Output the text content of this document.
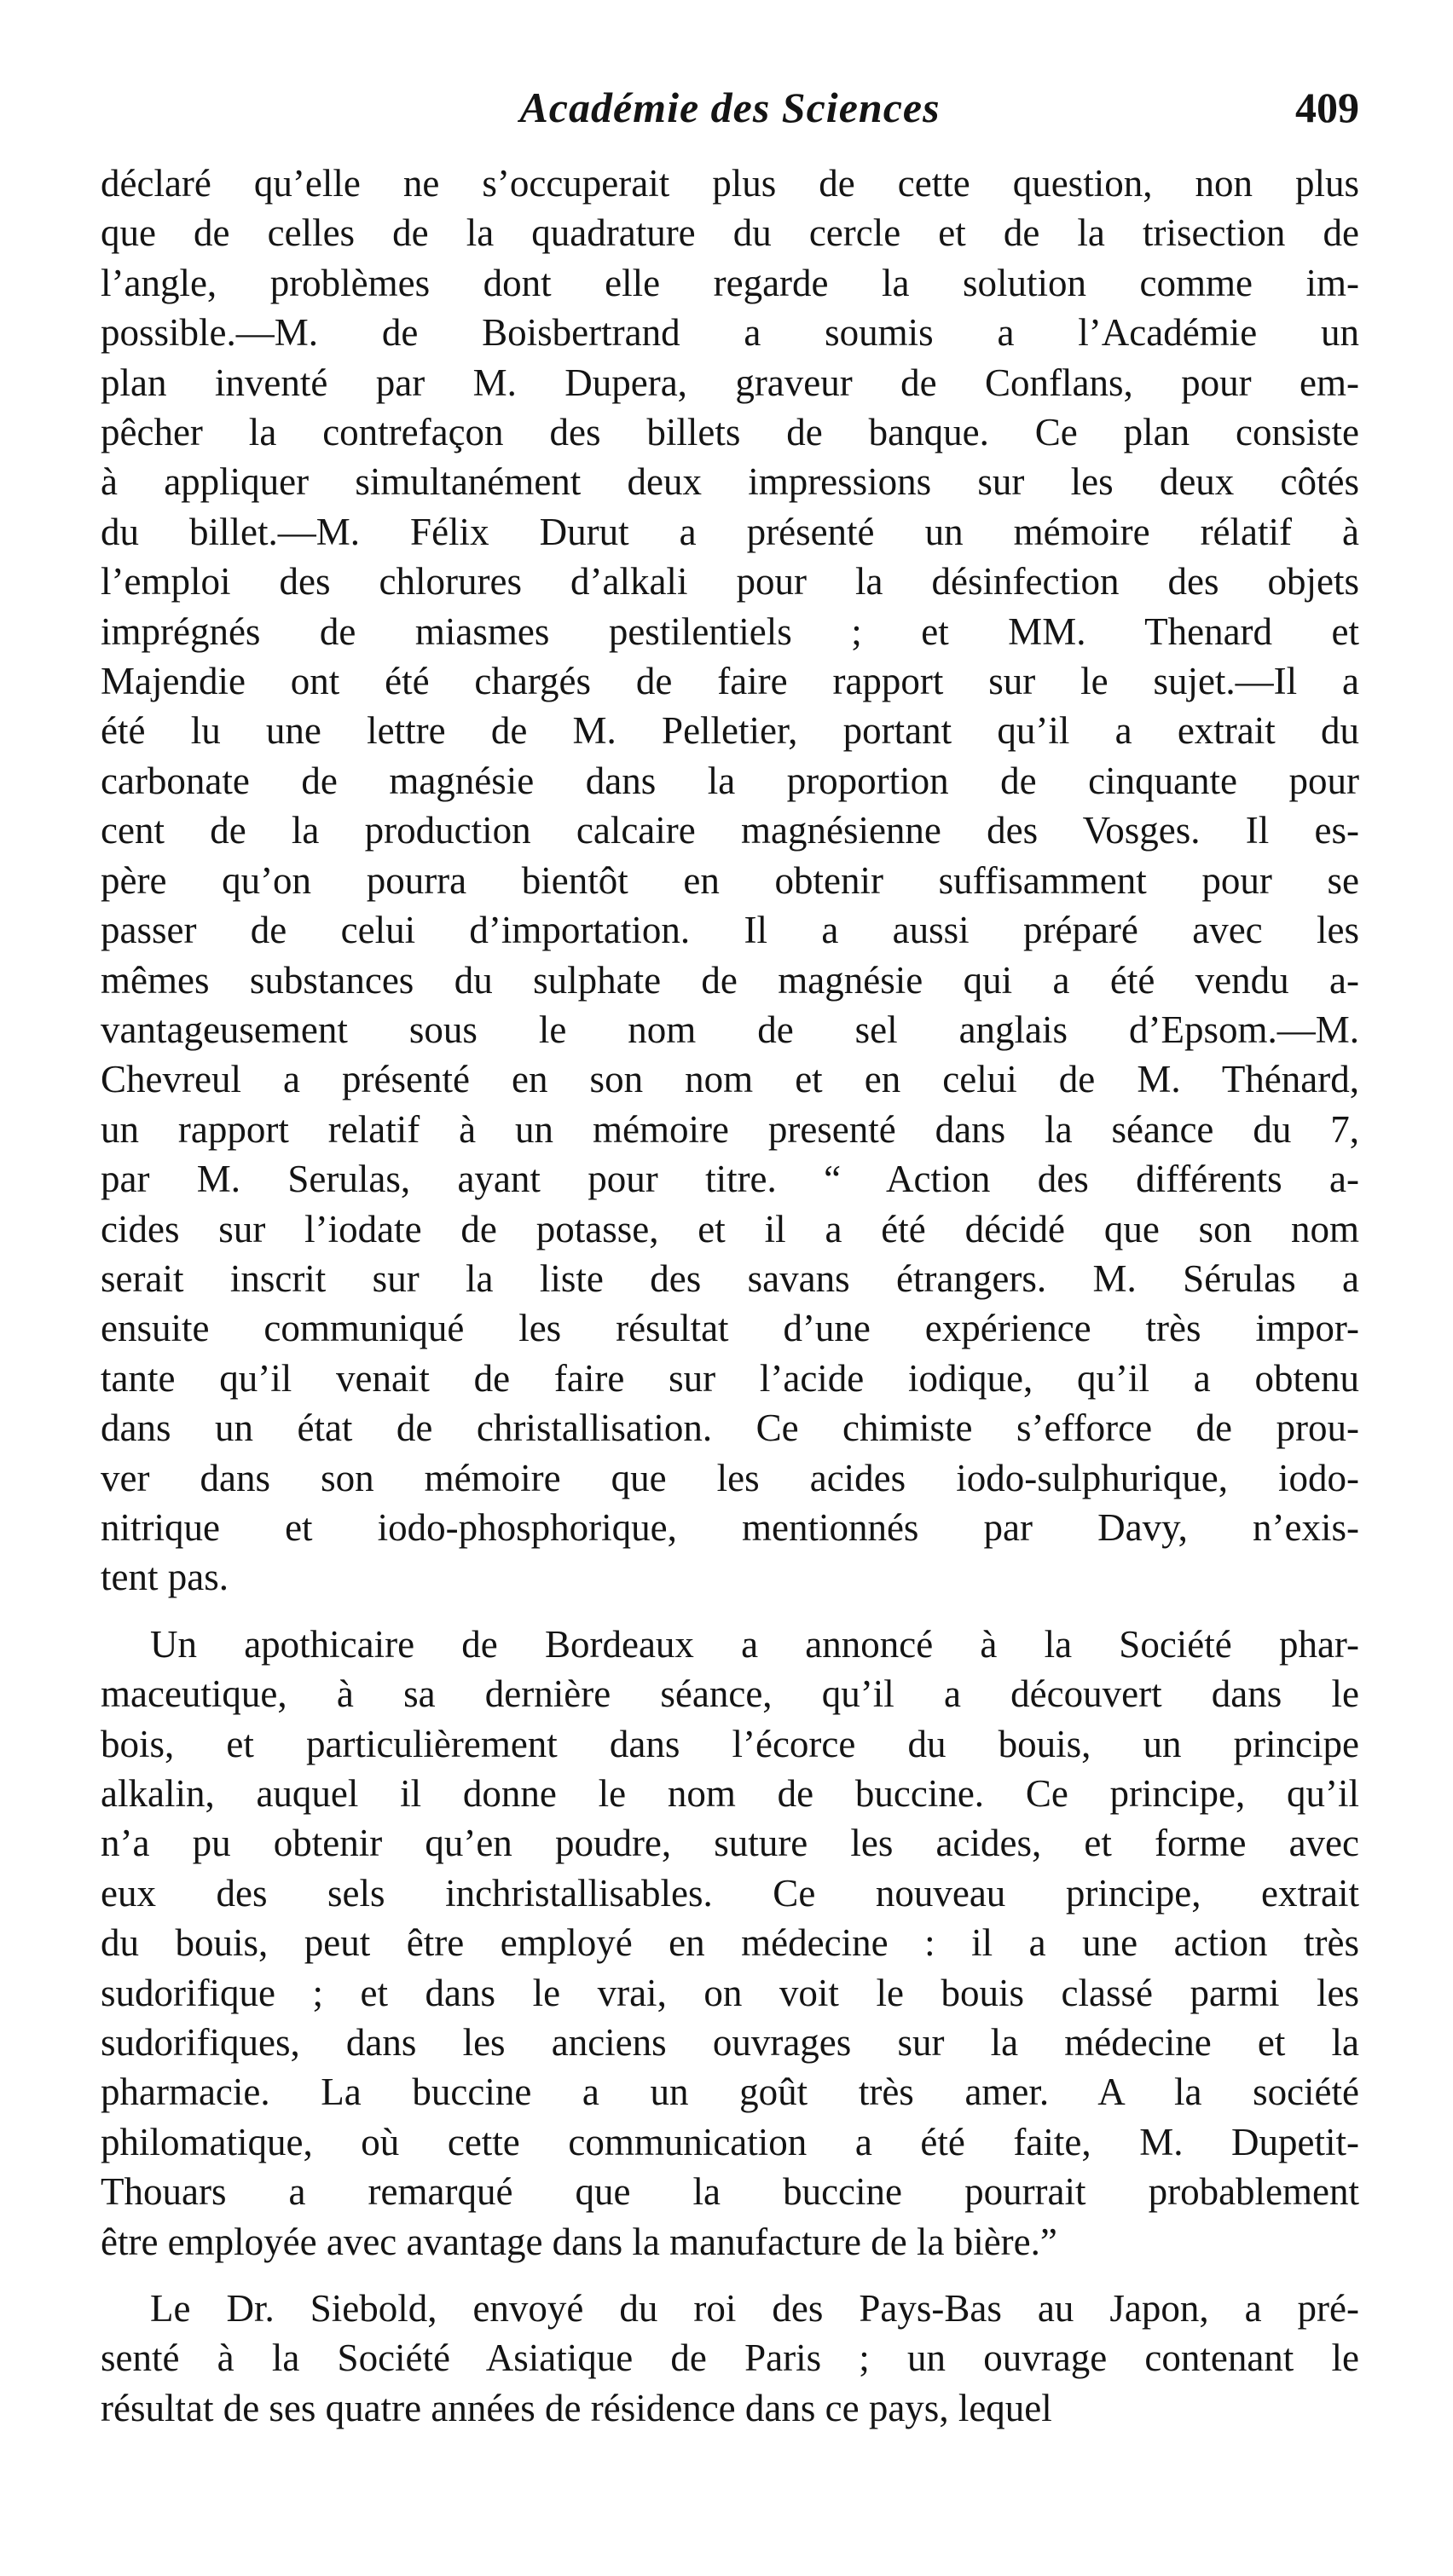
Académie des Sciences	409
déclaré qu’elle ne s’occuperait plus de cette question, non plus
que de celles de la quadrature du cercle et de la trisection de
l’angle, problèmes dont elle regarde la solution comme im-
possible.—M. de Boisbertrand a soumis a l’Académie un
plan inventé par M. Dupera, graveur de Conflans, pour em-
pêcher la contrefaçon des billets de banque. Ce plan consiste
à appliquer simultanément deux impressions sur les deux côtés
du billet.—M. Félix Durut a présenté un mémoire rélatif à
l’emploi des chlorures d’alkali pour la désinfection des objets
imprégnés de miasmes pestilentiels ; et MM. Thenard et
Majendie ont été chargés de faire rapport sur le sujet.—Il a
été lu une lettre de M. Pelletier, portant qu’il a extrait du
carbonate de magnésie dans la proportion de cinquante pour
cent de la production calcaire magnésienne des Vosges. Il es-
père qu’on pourra bientôt en obtenir suffisamment pour se
passer de celui d’importation. Il a aussi préparé avec les
mêmes substances du sulphate de magnésie qui a été vendu a-
vantageusement sous le nom de sel anglais d’Epsom.—M.
Chevreul a présenté en son nom et en celui de M. Thénard,
un rapport relatif à un mémoire presenté dans la séance du 7,
par M. Serulas, ayant pour titre. “ Action des différents a-
cides sur l’iodate de potasse, et il a été décidé que son nom
serait inscrit sur la liste des savans étrangers. M. Sérulas a
ensuite communiqué les résultat d’une expérience très impor-
tante qu’il venait de faire sur l’acide iodique, qu’il a obtenu
dans un état de christallisation. Ce chimiste s’efforce de prou-
ver dans son mémoire que les acides iodo-sulphurique, iodo-
nitrique et iodo-phosphorique, mentionnés par Davy, n’exis-
tent pas.
Un apothicaire de Bordeaux a annoncé à la Société phar-
maceutique, à sa dernière séance, qu’il a découvert dans le
bois, et particulièrement dans l’écorce du bouis, un principe
alkalin, auquel il donne le nom de buccine. Ce principe, qu’il
n’a pu obtenir qu’en poudre, suture les acides, et forme avec
eux des sels inchristallisables. Ce nouveau principe, extrait
du bouis, peut être employé en médecine : il a une action très
sudorifique ; et dans le vrai, on voit le bouis classé parmi les
sudorifiques, dans les anciens ouvrages sur la médecine et la
pharmacie. La buccine a un goût très amer. A la société
philomatique, où cette communication a été faite, M. Dupetit-
Thouars a remarqué que la buccine pourrait probablement
être employée avec avantage dans la manufacture de la bière.”
Le Dr. Siebold, envoyé du roi des Pays-Bas au Japon, a pré-
senté à la Société Asiatique de Paris ; un ouvrage contenant le
résultat de ses quatre années de résidence dans ce pays, lequel
